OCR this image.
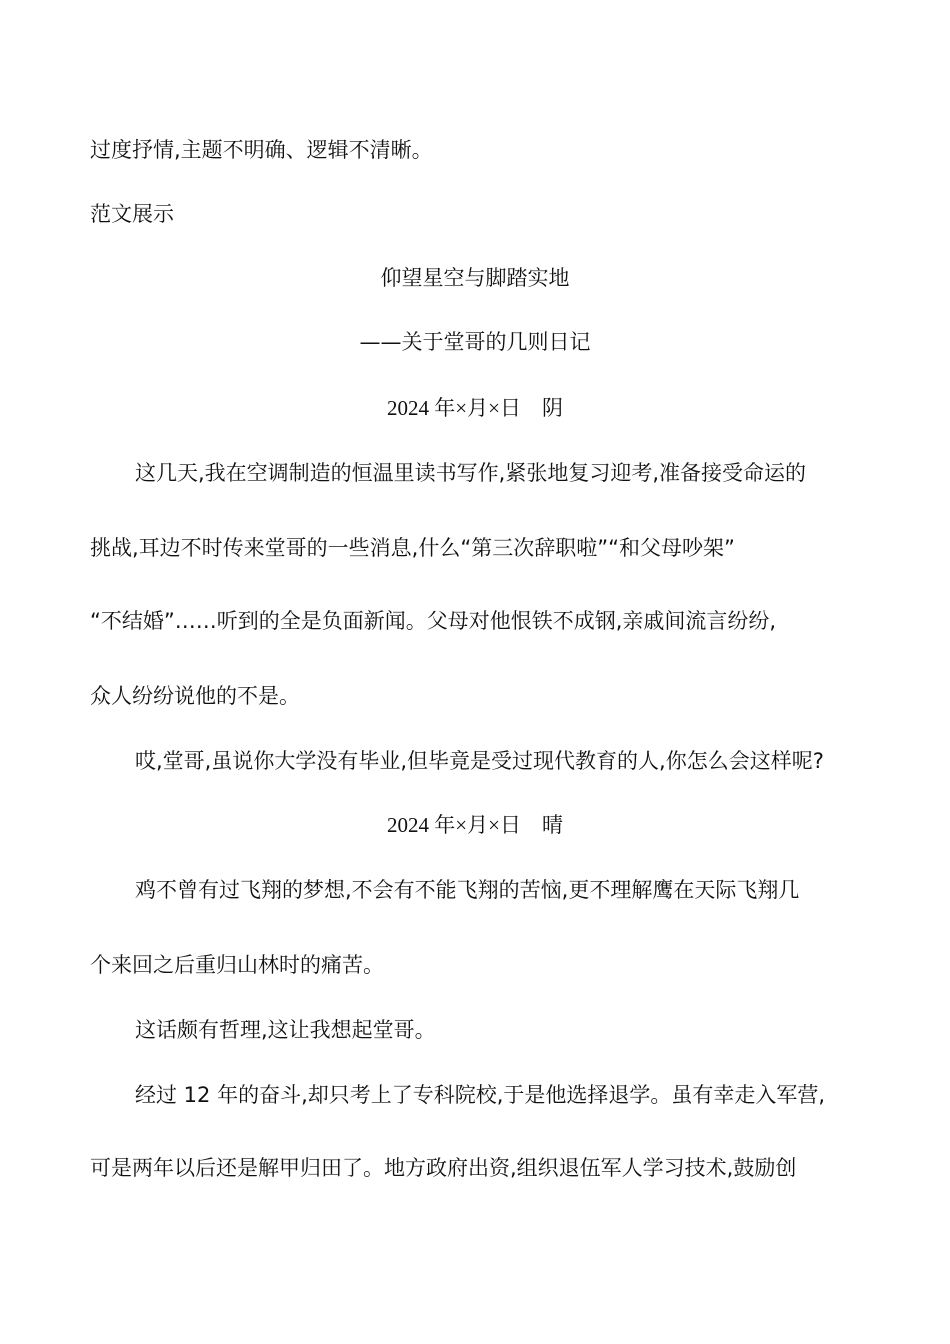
过度抒情,主题不明确、逻辑不清晰。
范文展示
仰望星空与脚踏实地
——关于堂哥的几则日记
2024 年×月×日　阴
这几天,我在空调制造的恒温里读书写作,紧张地复习迎考,准备接受命运的
挑战,耳边不时传来堂哥的一些消息,什么“第三次辞职啦”“和父母吵架”
“不结婚”……听到的全是负面新闻。父母对他恨铁不成钢,亲戚间流言纷纷,
众人纷纷说他的不是。
哎,堂哥,虽说你大学没有毕业,但毕竟是受过现代教育的人,你怎么会这样呢?
2024 年×月×日　晴
鸡不曾有过飞翔的梦想,不会有不能飞翔的苦恼,更不理解鹰在天际飞翔几
个来回之后重归山林时的痛苦。
这话颇有哲理,这让我想起堂哥。
经过 12 年的奋斗,却只考上了专科院校,于是他选择退学。虽有幸走入军营,
可是两年以后还是解甲归田了。地方政府出资,组织退伍军人学习技术,鼓励创
